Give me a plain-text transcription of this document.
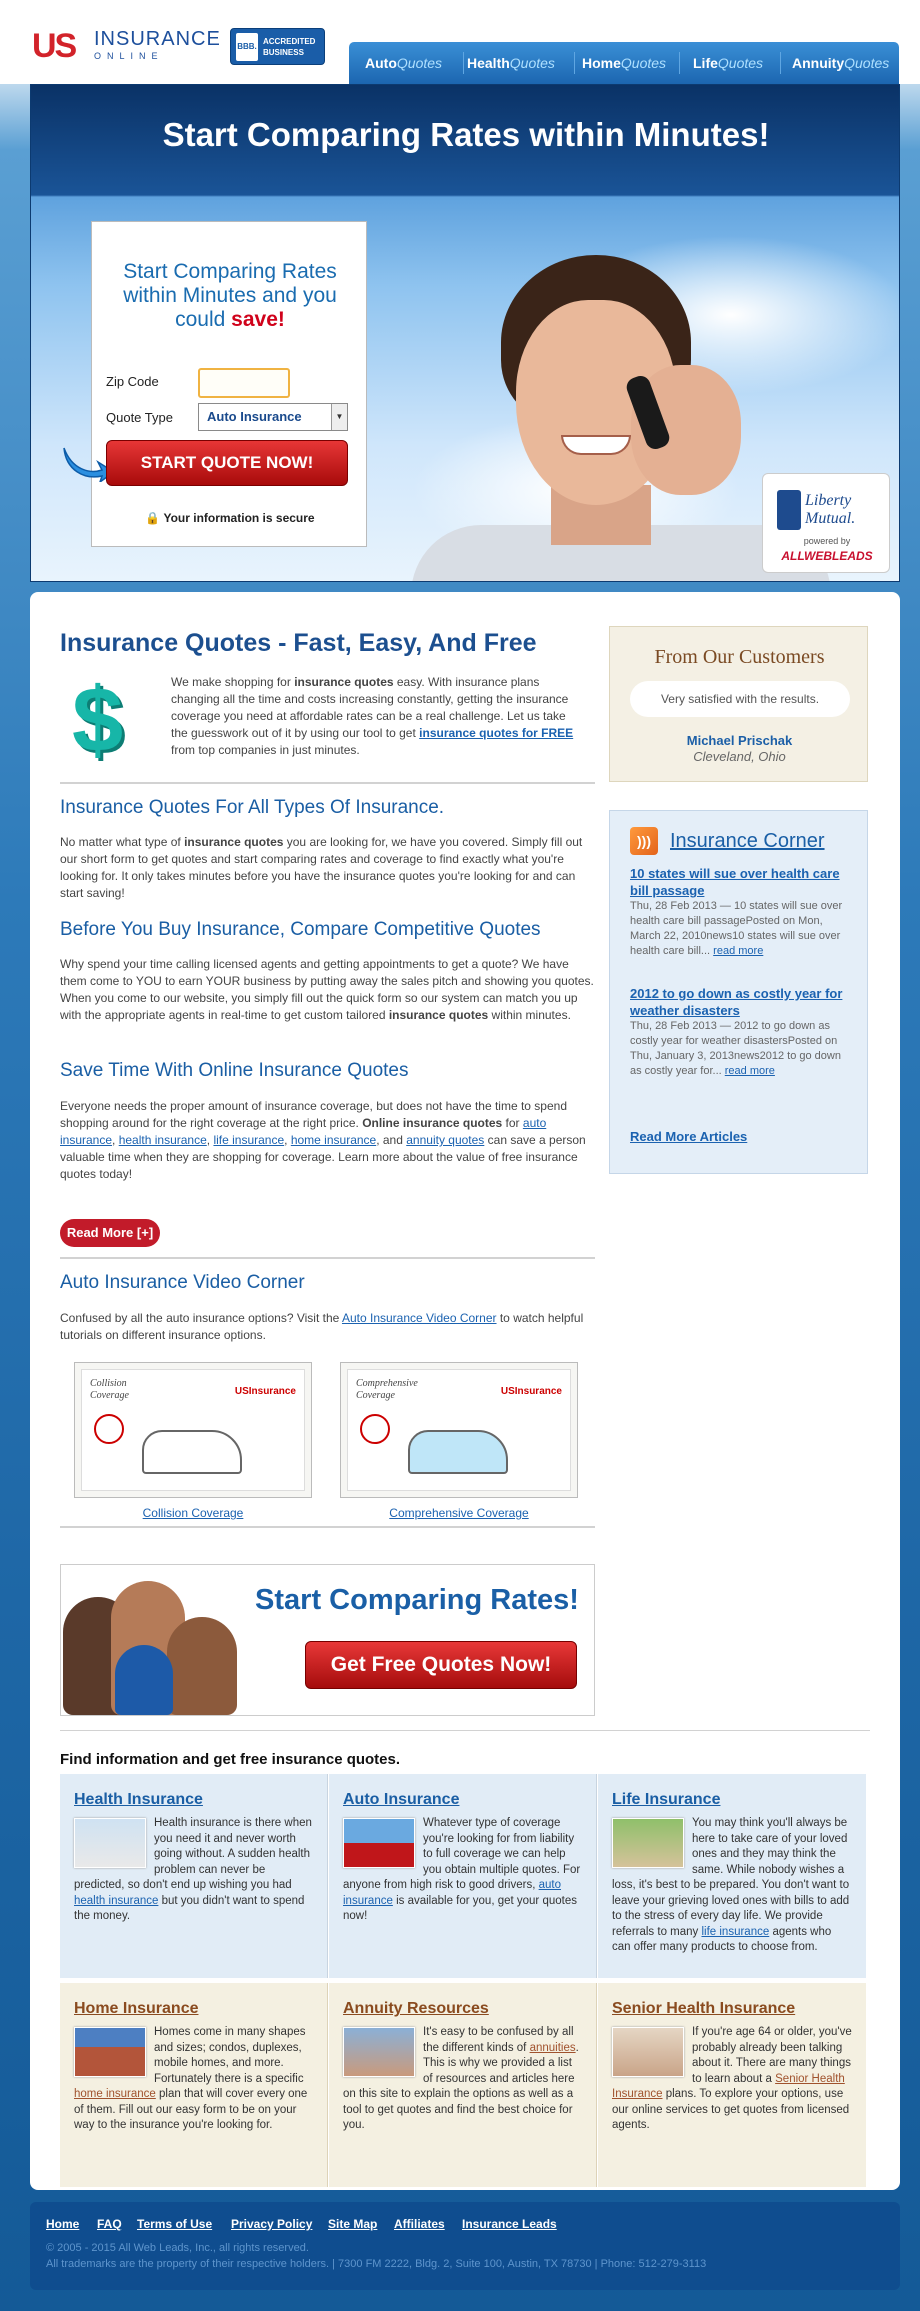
US INSURANCE
ONLINE
BBB.
ACCREDITED BUSINESS
AutoQuotes HealthQuotes HomeQuotes LifeQuotes AnnuityQuotes
Start Comparing Rates within Minutes!
Liberty Mutual.
powered by
ALLWEBLEADS
Start Comparing Rates
within Minutes and you
could save!
Zip Code
Quote Type	Auto Insurance	▼
START QUOTE NOW!
🔒 Your information is secure
Insurance Quotes - Fast, Easy, And Free
$	We make shopping for insurance quotes easy. With insurance plans changing all the time and costs increasing constantly, getting the insurance coverage you need at affordable rates can be a real challenge. Let us take the guesswork out of it by using our tool to get insurance quotes for FREE from top companies in just minutes.

Insurance Quotes For All Types Of Insurance.

No matter what type of insurance quotes you are looking for, we have you covered. Simply fill out our short form to get quotes and start comparing rates and coverage to find exactly what you're looking for. It only takes minutes before you have the insurance quotes you're looking for and can start saving!

Before You Buy Insurance, Compare Competitive Quotes

Why spend your time calling licensed agents and getting appointments to get a quote? We have them come to YOU to earn YOUR business by putting away the sales pitch and showing you quotes. When you come to our website, you simply fill out the quick form so our system can match you up with the appropriate agents in real-time to get custom tailored insurance quotes within minutes.

Save Time With Online Insurance Quotes

Everyone needs the proper amount of insurance coverage, but does not have the time to spend shopping around for the right coverage at the right price. Online insurance quotes for auto insurance, health insurance, life insurance, home insurance, and annuity quotes can save a person valuable time when they are shopping for coverage. Learn more about the value of free insurance quotes today!

Read More [+]
Auto Insurance Video Corner

Confused by all the auto insurance options? Visit the Auto Insurance Video Corner to watch helpful tutorials on different insurance options.

Collision Coverage	USInsurance
Collision Coverage
Comprehensive Coverage	USInsurance
Comprehensive Coverage
Start Comparing Rates!
Get Free Quotes Now!
Find information and get free insurance quotes.
Health Insurance

Health insurance is there when you need it and never worth going without. A sudden health problem can never be predicted, so don't end up wishing you had health insurance but you didn't want to spend the money.

Auto Insurance

Whatever type of coverage you're looking for from liability to full coverage we can help you obtain multiple quotes. For anyone from high risk to good drivers, auto insurance is available for you, get your quotes now!

Life Insurance

You may think you'll always be here to take care of your loved ones and they may think the same. While nobody wishes a loss, it's best to be prepared. You don't want to leave your grieving loved ones with bills to add to the stress of every day life. We provide referrals to many life insurance agents who can offer many products to choose from.

Home Insurance

Homes come in many shapes and sizes; condos, duplexes, mobile homes, and more. Fortunately there is a specific home insurance plan that will cover every one of them. Fill out our easy form to be on your way to the insurance you're looking for.

Annuity Resources

It's easy to be confused by all the different kinds of annuities. This is why we provided a list of resources and articles here on this site to explain the options as well as a tool to get quotes and find the best choice for you.

Senior Health Insurance

If you're age 64 or older, you've probably already been talking about it. There are many things to learn about a Senior Health Insurance plans. To explore your options, use our online services to get quotes from licensed agents.

From Our Customers
Very satisfied with the results.
Michael Prischak
Cleveland, Ohio
))) Insurance Corner
10 states will sue over health care bill passage
Thu, 28 Feb 2013 — 10 states will sue over health care bill passagePosted on Mon, March 22, 2010news10 states will sue over health care bill... read more
2012 to go down as costly year for weather disasters
Thu, 28 Feb 2013 — 2012 to go down as costly year for weather disastersPosted on Thu, January 3, 2013news2012 to go down as costly year for... read more
Read More Articles
Home FAQ Terms of Use Privacy Policy Site Map Affiliates Insurance Leads
© 2005 - 2015 All Web Leads, Inc., all rights reserved.
All trademarks are the property of their respective holders. | 7300 FM 2222, Bldg. 2, Suite 100, Austin, TX 78730 | Phone: 512-279-3113
